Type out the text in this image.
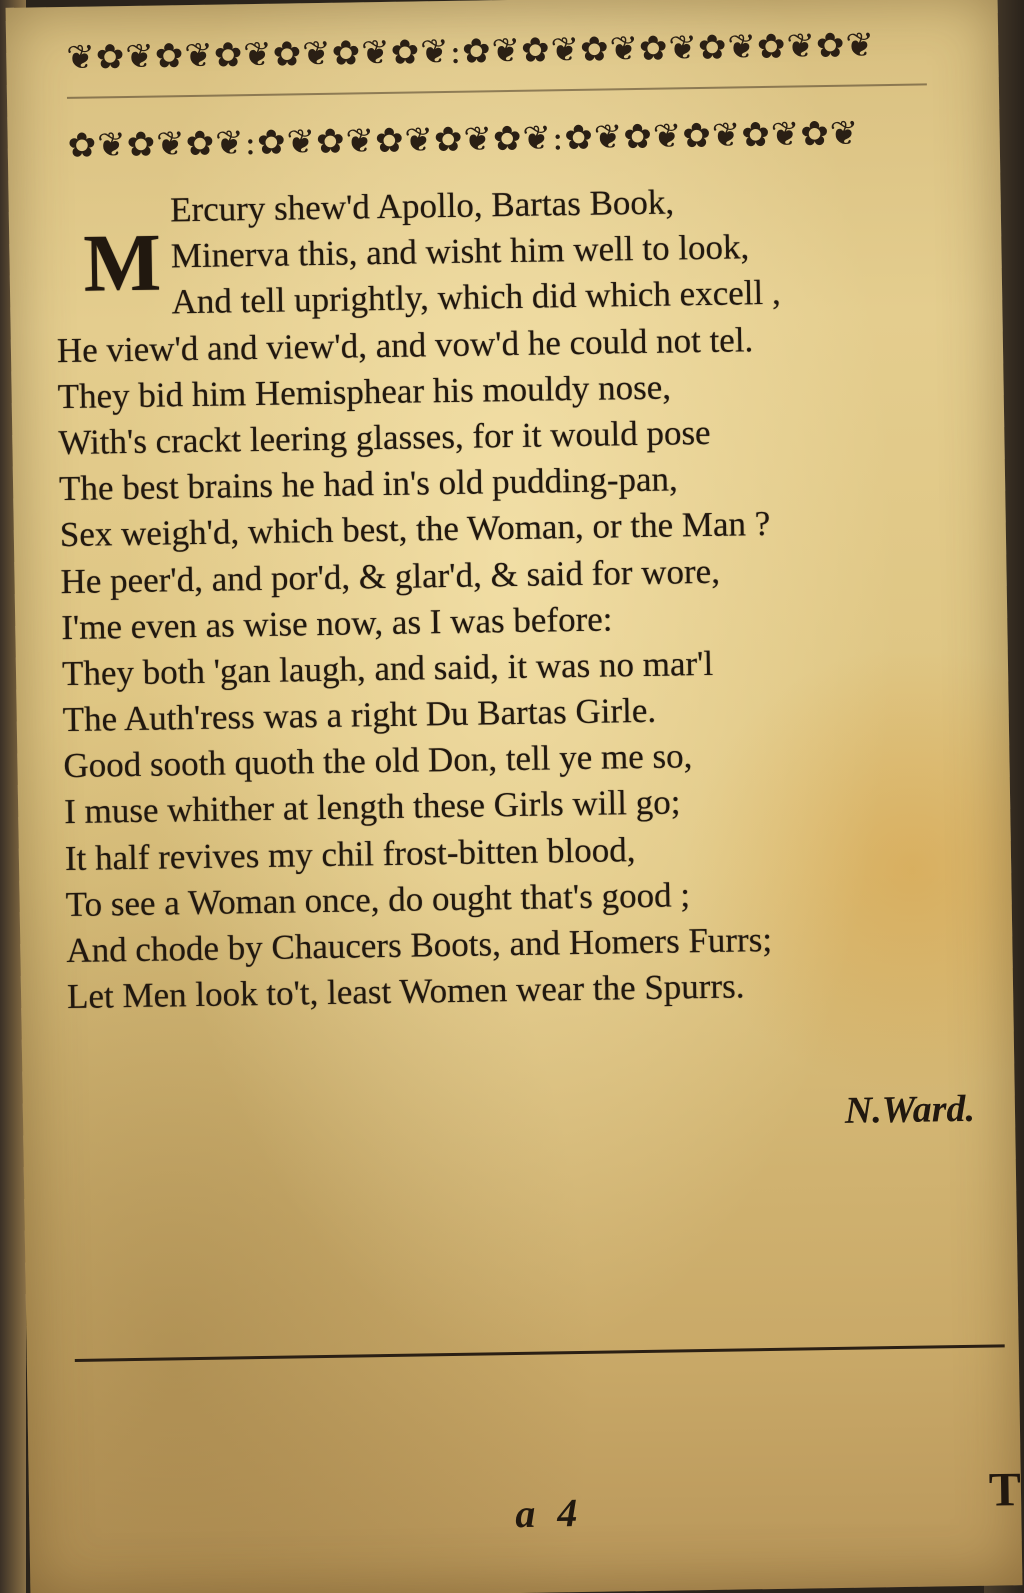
❦✿❦✿❦✿❦✿❦✿❦✿❦:✿❦✿❦✿❦✿❦✿❦✿❦✿❦
✿❦✿❦✿❦:✿❦✿❦✿❦✿❦✿❦:✿❦✿❦✿❦✿❦✿❦

M
Ercury shew'd Apollo, Bartas Book,
Minerva this, and wisht him well to look,
And tell uprightly, which did which excell ,
He view'd and view'd, and vow'd he could not tel.
They bid him Hemisphear his mouldy nose,
With's crackt leering glasses, for it would pose
The best brains he had in's old pudding-pan,
Sex weigh'd, which best, the Woman, or the Man ?
He peer'd, and por'd, & glar'd, & said for wore,
I'me even as wise now, as I was before:
They both 'gan laugh, and said, it was no mar'l
The Auth'ress was a right Du Bartas Girle.
Good sooth quoth the old Don, tell ye me so,
I muse whither at length these Girls will go;
It half revives my chil frost-bitten blood,
To see a Woman once, do ought that's good ;
And chode by Chaucers Boots, and Homers Furrs;
Let Men look to't, least Women wear the Spurrs.
N.Ward.
a 4	T
